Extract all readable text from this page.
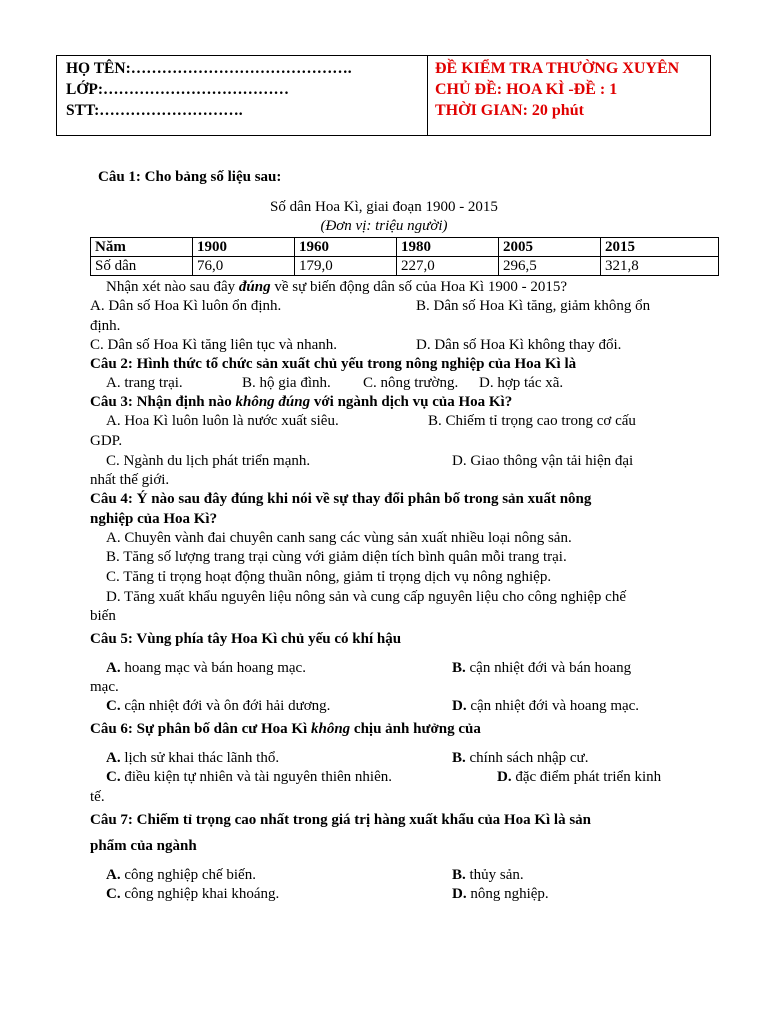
HỌ TÊN:…………………………………….
LỚP:………………………………
STT:……………………….
ĐỀ KIỂM TRA THƯỜNG XUYÊN
CHỦ ĐỀ: HOA KÌ -ĐỀ : 1
THỜI GIAN: 20 phút
Câu 1: Cho bảng số liệu sau:
Số dân Hoa Kì, giai đoạn 1900 - 2015
(Đơn vị: triệu người)
Năm	1900	1960	1980	2005	2015
Số dân	76,0	179,0	227,0	296,5	321,8
Nhận xét nào sau đây đúng về sự biến động dân số của Hoa Kì 1900 - 2015?
A. Dân số Hoa Kì luôn ổn định.	B. Dân số Hoa Kì tăng, giảm không ổn
định.
C. Dân số Hoa Kì tăng liên tục và nhanh.	D. Dân số Hoa Kì không thay đổi.
Câu 2: Hình thức tổ chức sản xuất chủ yếu trong nông nghiệp của Hoa Kì là
A. trang trại.	B. hộ gia đình. C. nông trường. D. hợp tác xã.
Câu 3: Nhận định nào không đúng với ngành dịch vụ của Hoa Kì?
A. Hoa Kì luôn luôn là nước xuất siêu.	B. Chiếm tỉ trọng cao trong cơ cấu
GDP.
C. Ngành du lịch phát triển mạnh.	D. Giao thông vận tải hiện đại
nhất thế giới.
Câu 4: Ý nào sau đây đúng khi nói về sự thay đổi phân bố trong sản xuất nông
nghiệp của Hoa Kì?
A. Chuyên vành đai chuyên canh sang các vùng sản xuất nhiều loại nông sản.
B. Tăng số lượng trang trại cùng với giảm diện tích bình quân mỗi trang trại.
C. Tăng tỉ trọng hoạt động thuần nông, giảm tỉ trọng dịch vụ nông nghiệp.
D. Tăng xuất khẩu nguyên liệu nông sản và cung cấp nguyên liệu cho công nghiệp chế
biến
Câu 5: Vùng phía tây Hoa Kì chủ yếu có khí hậu
A. hoang mạc và bán hoang mạc.	B. cận nhiệt đới và bán hoang
mạc.
C. cận nhiệt đới và ôn đới hải dương.	D. cận nhiệt đới và hoang mạc.
Câu 6: Sự phân bố dân cư Hoa Kì không chịu ảnh hưởng của
A. lịch sử khai thác lãnh thổ.	B. chính sách nhập cư.
C. điều kiện tự nhiên và tài nguyên thiên nhiên.	D. đặc điểm phát triển kinh
tế.
Câu 7: Chiếm tỉ trọng cao nhất trong giá trị hàng xuất khẩu của Hoa Kì là sản
phẩm của ngành
A. công nghiệp chế biến.	B. thủy sản.
C. công nghiệp khai khoáng.	D. nông nghiệp.
